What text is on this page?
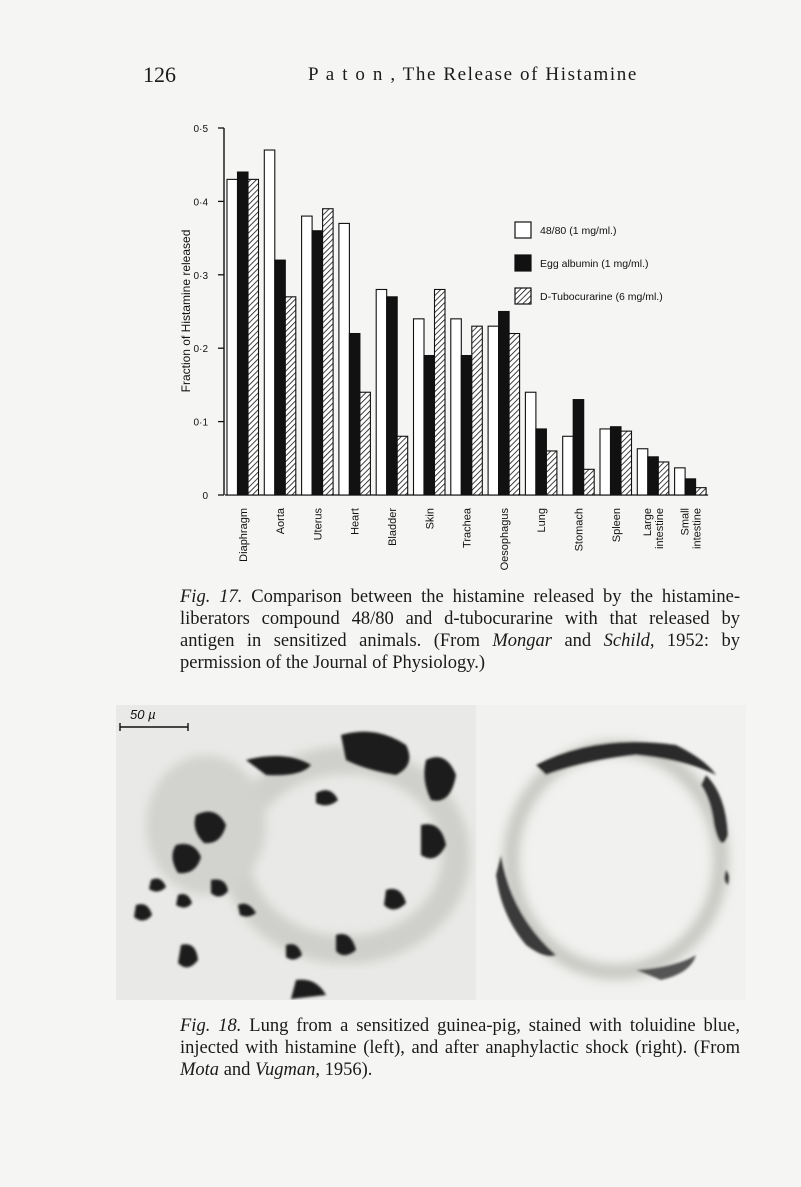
126	P a t o n , The Release of Histamine
0
0·1
0·2
0·3
0·4
0·5
Fraction of Histamine released
Diaphragm Aorta Uterus Heart Bladder Skin Trachea Oesophagus Lung Stomach Spleen Large intestine Small intestine
48/80 (1 mg/ml.)
Egg albumin (1 mg/ml.)
D-Tubocurarine (6 mg/ml.)
Fig. 17. Comparison between the histamine released by the histamine-liberators compound 48/80 and d-tubocurarine with that released by antigen in sensitized animals. (From Mongar and Schild, 1952: by permission of the Journal of Physiology.)
50 µ
Fig. 18. Lung from a sensitized guinea-pig, stained with toluidine blue, injected with histamine (left), and after anaphylactic shock (right). (From Mota and Vugman, 1956).
